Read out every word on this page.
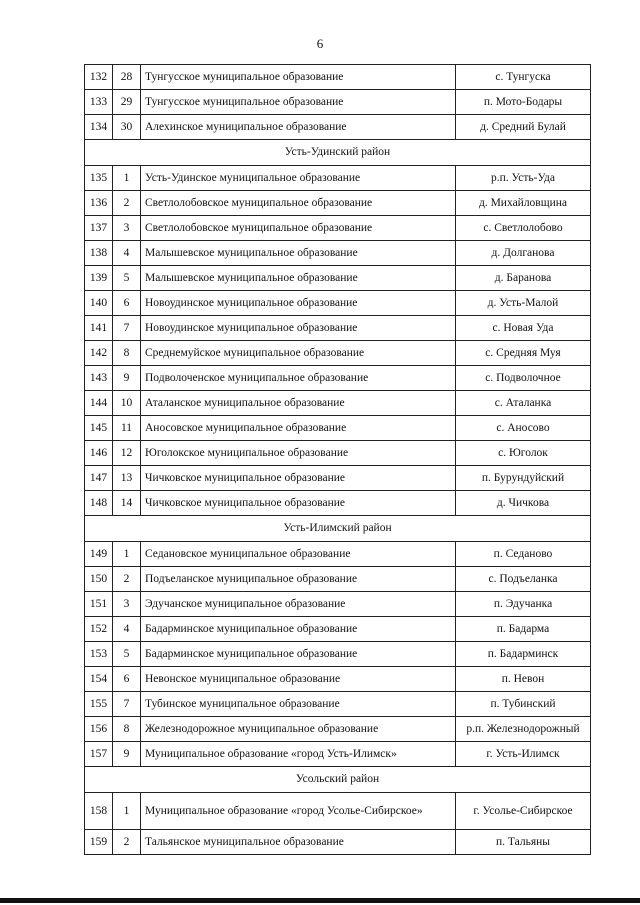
6
132	28	Тунгусское муниципальное образование	с. Тунгуска
133	29	Тунгусское муниципальное образование	п. Мото-Бодары
134	30	Алехинское муниципальное образование	д. Средний Булай
Усть-Удинский район			
135	1	Усть-Удинское муниципальное образование	р.п. Усть-Уда
136	2	Светлолобовское муниципальное образование	д. Михайловщина
137	3	Светлолобовское муниципальное образование	с. Светлолобово
138	4	Малышевское муниципальное образование	д. Долганова
139	5	Малышевское муниципальное образование	д. Баранова
140	6	Новоудинское муниципальное образование	д. Усть-Малой
141	7	Новоудинское муниципальное образование	с. Новая Уда
142	8	Среднемуйское муниципальное образование	с. Средняя Муя
143	9	Подволоченское муниципальное образование	с. Подволочное
144	10	Аталанское муниципальное образование	с. Аталанка
145	11	Аносовское муниципальное образование	с. Аносово
146	12	Юголокское муниципальное образование	с. Юголок
147	13	Чичковское муниципальное образование	п. Бурундуйский
148	14	Чичковское муниципальное образование	д. Чичкова
Усть-Илимский район			
149	1	Седановское муниципальное образование	п. Седаново
150	2	Подъеланское муниципальное образование	с. Подъеланка
151	3	Эдучанское муниципальное образование	п. Эдучанка
152	4	Бадарминское муниципальное образование	п. Бадарма
153	5	Бадарминское муниципальное образование	п. Бадарминск
154	6	Невонское муниципальное образование	п. Невон
155	7	Тубинское муниципальное образование	п. Тубинский
156	8	Железнодорожное муниципальное образование	р.п. Железнодорожный
157	9	Муниципальное образование «город Усть-Илимск»	г. Усть-Илимск
Усольский район			
158	1	Муниципальное образование «город Усолье-Сибирское»	г. Усолье-Сибирское
159	2	Тальянское муниципальное образование	п. Тальяны
